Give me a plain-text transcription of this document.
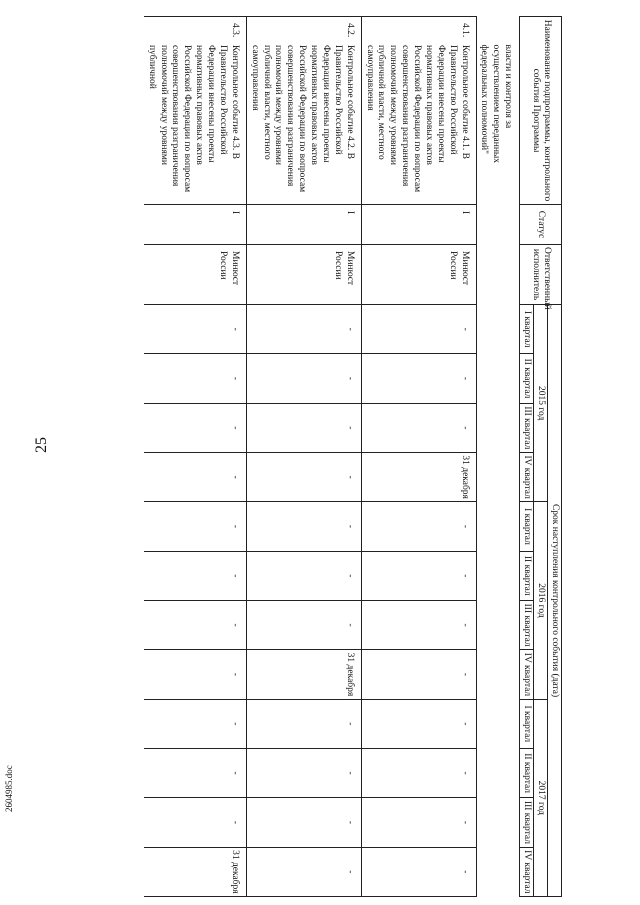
25
2604985.doc
Наименование подпрограммы, контрольного события Программы	Статус	Ответственный исполнитель	Срок наступления контрольного события (дата)											
			2015 год				2016 год				2017 год			
			I квартал	II квартал	III квартал	IV квартал	I квартал	II квартал	III квартал	IV квартал	I квартал	II квартал	III квартал	IV квартал
власти и контроля за осуществлением переданных федеральных полномочий"														
4.1.Контрольное событие 4.1. В Правительство Российской Федерации внесены проекты нормативных правовых актов Российской Федерации по вопросам совершенствования разграничения полномочий между уровнями публичной власти, местного самоуправления	I	Минюст России	-	-	-	31 декабря	-	-	-	-	-	-	-	-
4.2.Контрольное событие 4.2. В Правительство Российской Федерации внесены проекты нормативных правовых актов Российской Федерации по вопросам совершенствования разграничения полномочий между уровнями публичной власти, местного самоуправления	I	Минюст России	-	-	-	-	-	-	-	31 декабря	-	-	-	-
4.3.Контрольное событие 4.3. В Правительство Российской Федерации внесены проекты нормативных правовых актов Российской Федерации по вопросам совершенствования разграничения полномочий между уровнями публичной	I	Минюст России	-	-	-	-	-	-	-	-	-	-	-	31 декабря
